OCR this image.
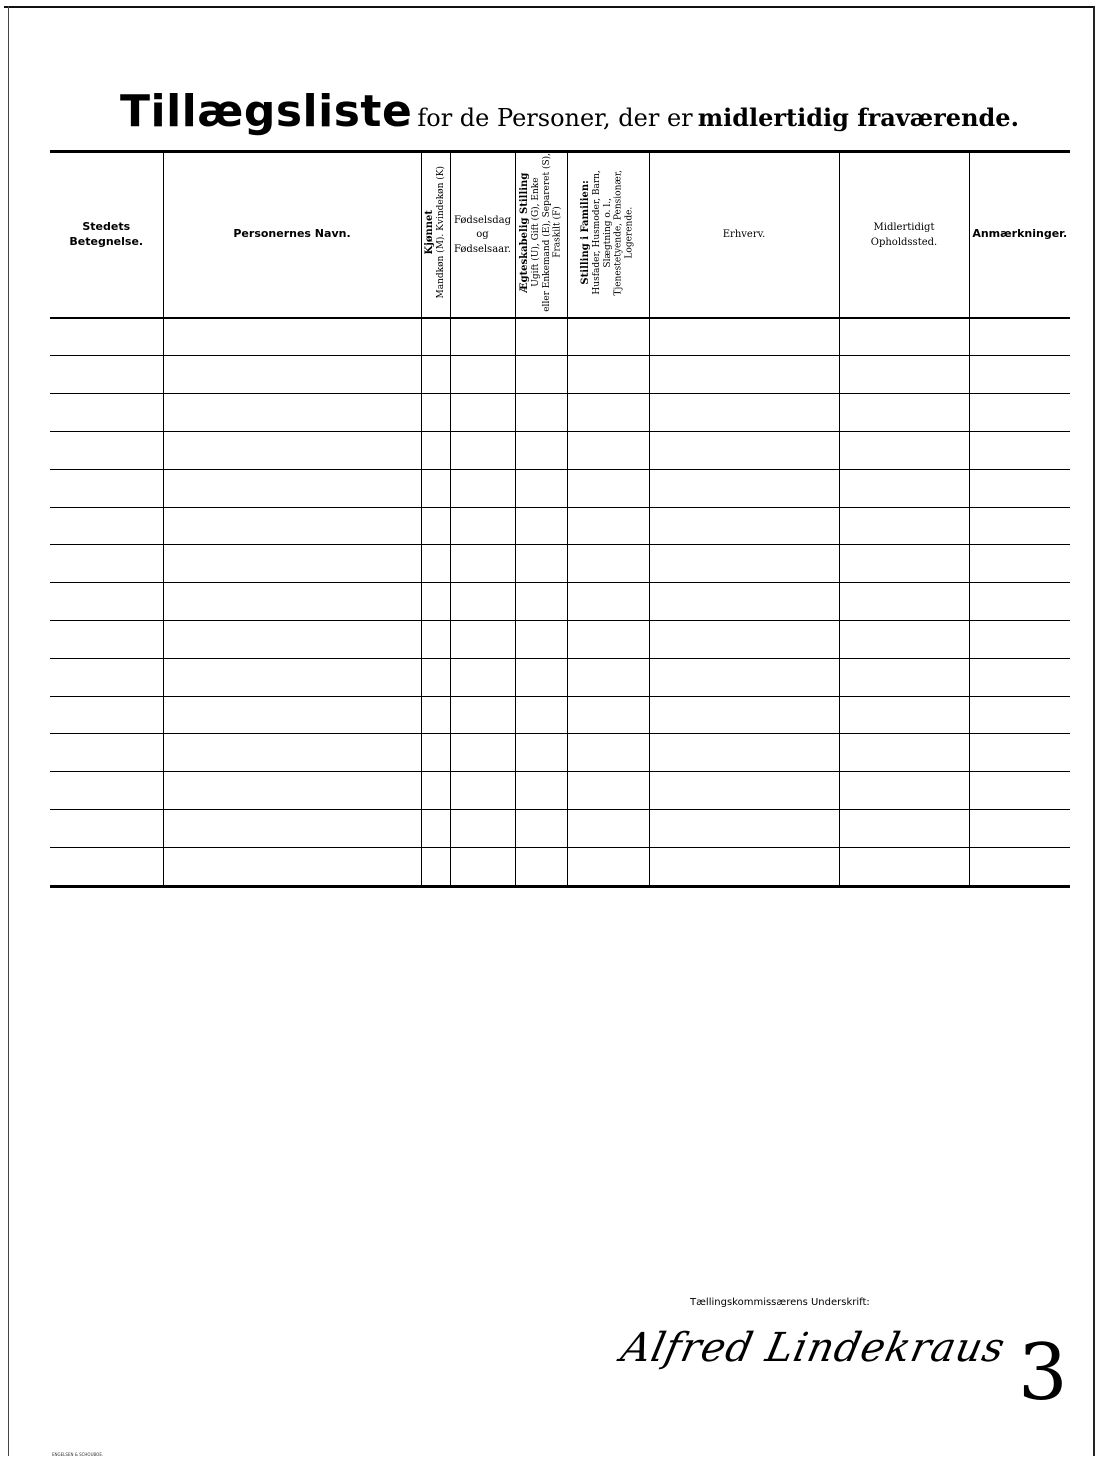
Tillægsliste for de Personer, der er midlertidig fraværende.
Stedets
Betegnelse.	Personernes Navn.	Kjønnet
Mandkøn (M). Kvindekøn (K)	Fødselsdag
og
Fødselsaar.	Ægteskabelig Stilling
Ugift (U), Gift (G), Enke
eller Enkemand (E), Separeret (S),
Fraskilt (F)	Stilling i Familien:
Husfader, Husmoder, Barn,
Slægtning o. l.,
Tjenestetyende, Pensionær,
Logerende.	Erhverv.	Midlertidigt
Opholdssted.	Anmærkninger.

Tællingskommissærens Underskrift:
Alfred Lindekraus 3
ENGELSEN & SCHOUBOE.
